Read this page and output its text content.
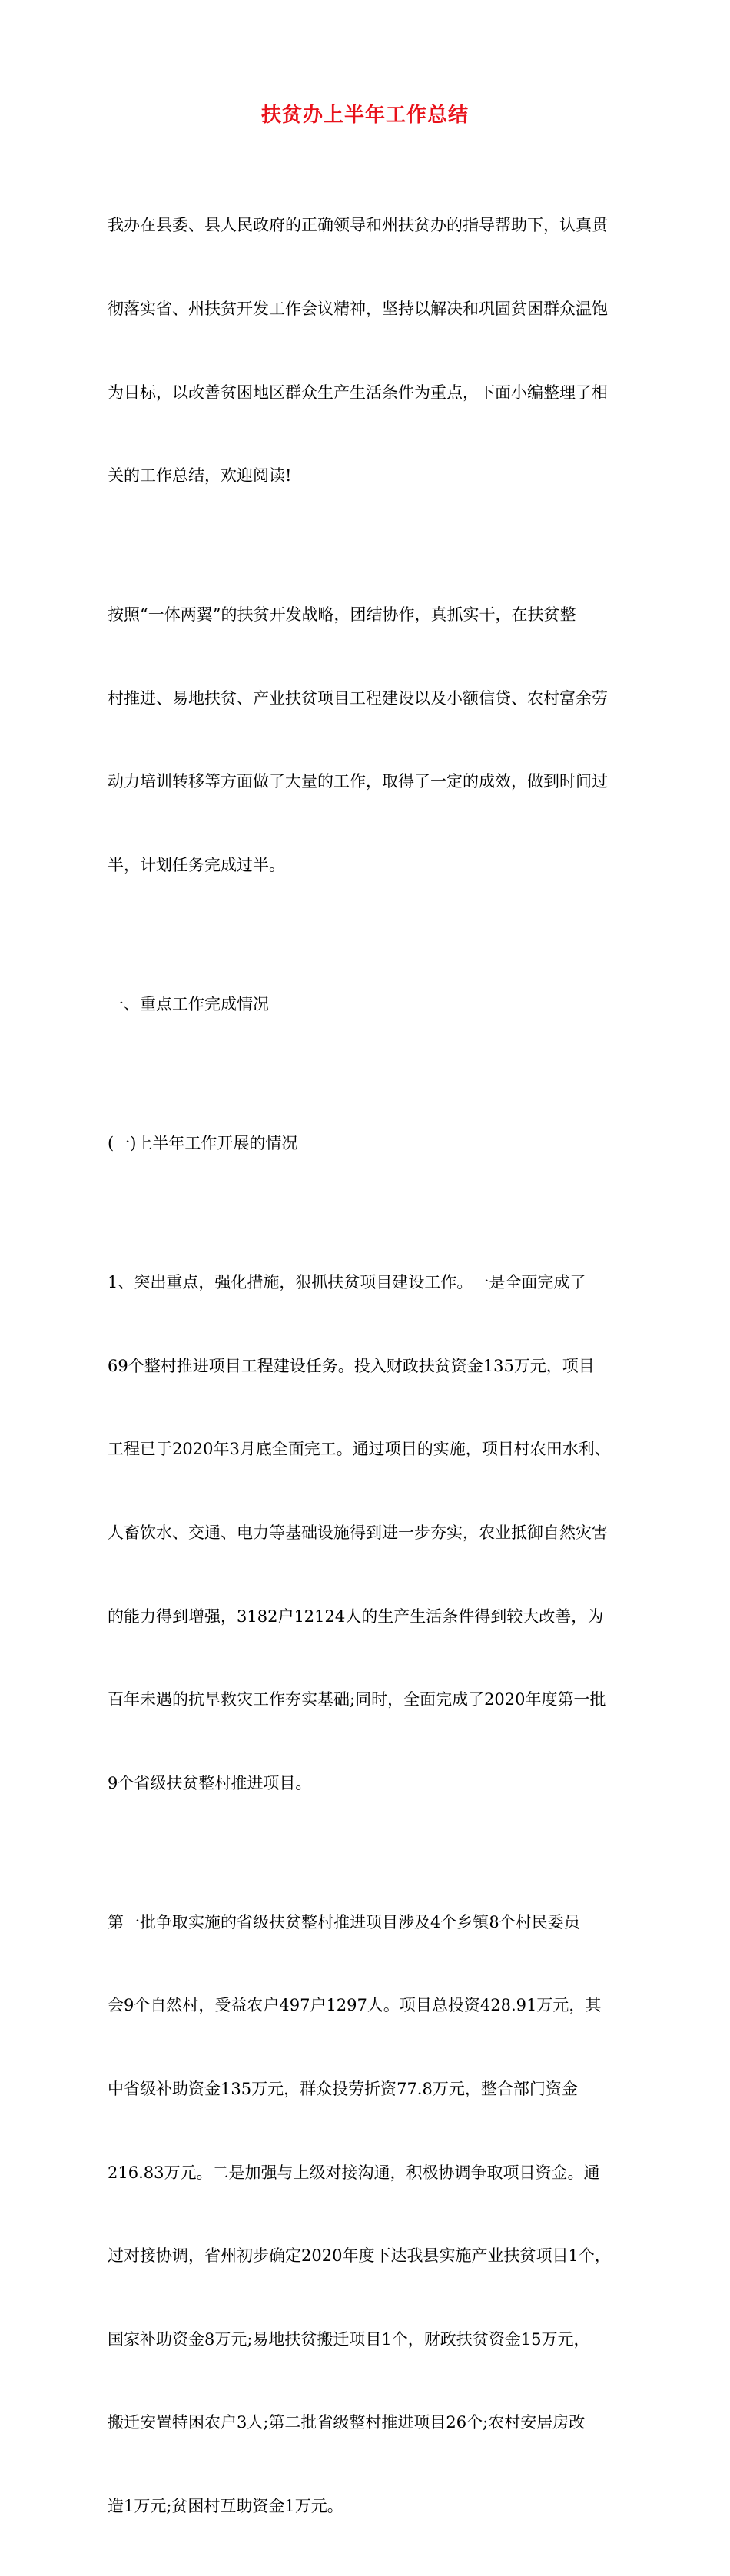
扶贫办上半年工作总结

我办在县委、县人民政府的正确领导和州扶贫办的指导帮助下，认真贯

彻落实省、州扶贫开发工作会议精神，坚持以解决和巩固贫困群众温饱

为目标，以改善贫困地区群众生产生活条件为重点，下面小编整理了相

关的工作总结，欢迎阅读!

按照“一体两翼”的扶贫开发战略，团结协作，真抓实干，在扶贫整

村推进、易地扶贫、产业扶贫项目工程建设以及小额信贷、农村富余劳

动力培训转移等方面做了大量的工作，取得了一定的成效，做到时间过

半，计划任务完成过半。

一、重点工作完成情况

(一)上半年工作开展的情况

1、突出重点，强化措施，狠抓扶贫项目建设工作。一是全面完成了

69个整村推进项目工程建设任务。投入财政扶贫资金135万元，项目

工程已于2020年3月底全面完工。通过项目的实施，项目村农田水利、

人畜饮水、交通、电力等基础设施得到进一步夯实，农业抵御自然灾害

的能力得到增强，3182户12124人的生产生活条件得到较大改善，为

百年未遇的抗旱救灾工作夯实基础;同时，全面完成了2020年度第一批

9个省级扶贫整村推进项目。

第一批争取实施的省级扶贫整村推进项目涉及4个乡镇8个村民委员

会9个自然村，受益农户497户1297人。项目总投资428.91万元，其

中省级补助资金135万元，群众投劳折资77.8万元，整合部门资金

216.83万元。二是加强与上级对接沟通，积极协调争取项目资金。通

过对接协调，省州初步确定2020年度下达我县实施产业扶贫项目1个，

国家补助资金8万元;易地扶贫搬迁项目1个，财政扶贫资金15万元，

搬迁安置特困农户3人;第二批省级整村推进项目26个;农村安居房改

造1万元;贫困村互助资金1万元。
